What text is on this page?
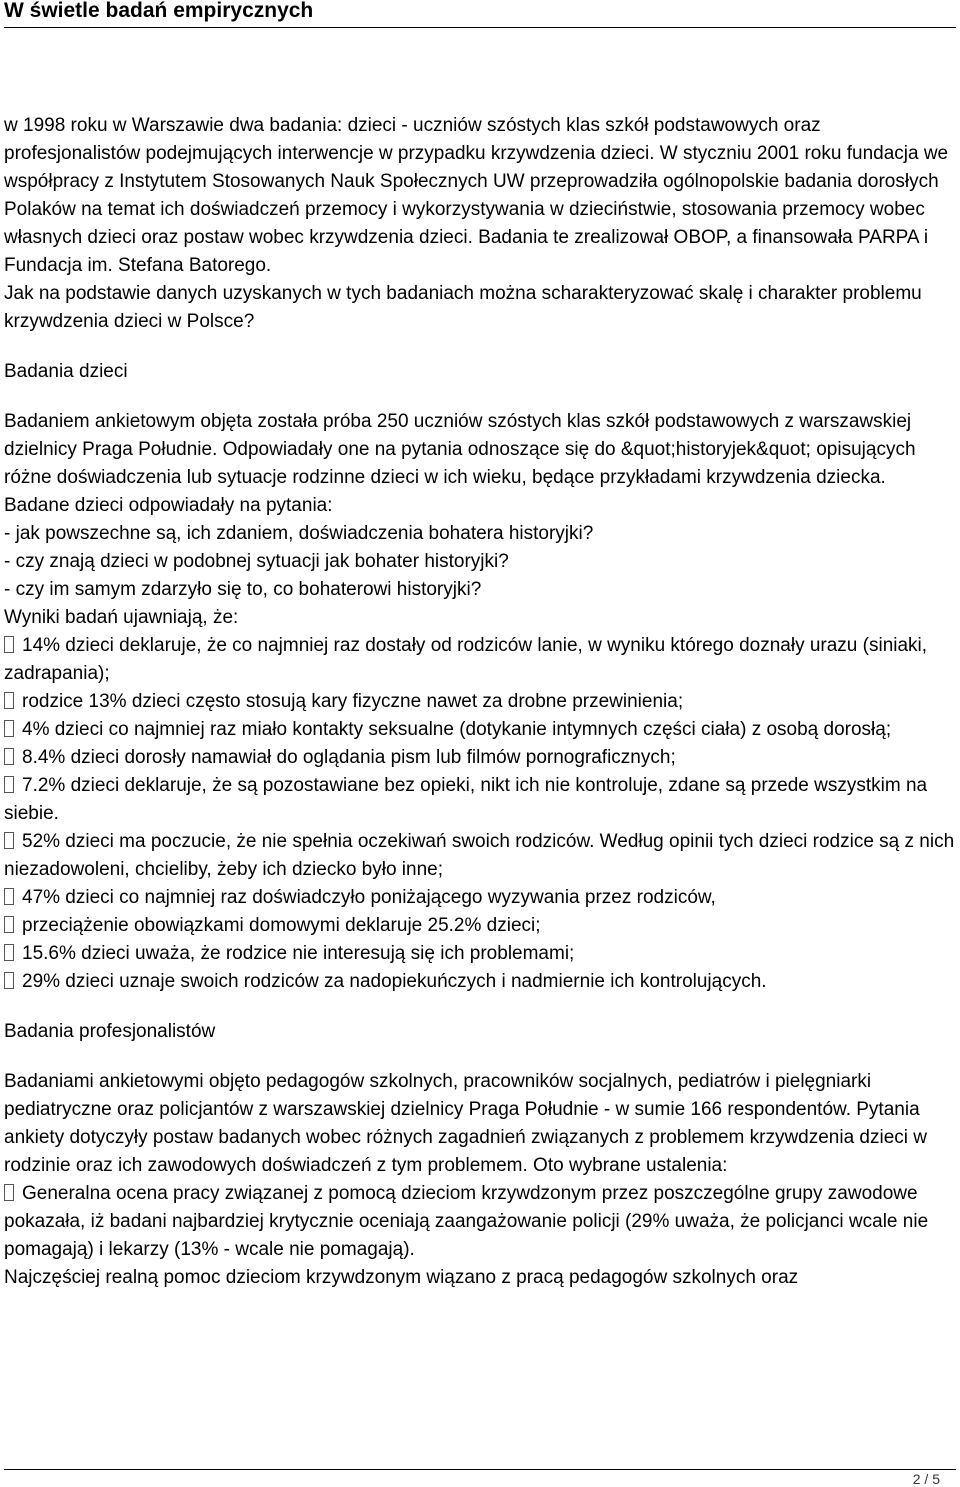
W świetle badań empirycznych

w 1998 roku w Warszawie dwa badania: dzieci - uczniów szóstych klas szkół podstawowych oraz profesjonalistów podejmujących interwencje w przypadku krzywdzenia dzieci. W styczniu 2001 roku fundacja we współpracy z Instytutem Stosowanych Nauk Społecznych UW przeprowadziła ogólnopolskie badania dorosłych Polaków na temat ich doświadczeń przemocy i wykorzystywania w dzieciństwie, stosowania przemocy wobec własnych dzieci oraz postaw wobec krzywdzenia dzieci. Badania te zrealizował OBOP, a finansowała PARPA i Fundacja im. Stefana Batorego.

Jak na podstawie danych uzyskanych w tych badaniach można scharakteryzować skalę i charakter problemu krzywdzenia dzieci w Polsce?

Badania dzieci

Badaniem ankietowym objęta została próba 250 uczniów szóstych klas szkół podstawowych z warszawskiej dzielnicy Praga Południe. Odpowiadały one na pytania odnoszące się do &quot;historyjek&quot; opisujących różne doświadczenia lub sytuacje rodzinne dzieci w ich wieku, będące przykładami krzywdzenia dziecka. Badane dzieci odpowiadały na pytania:

- jak powszechne są, ich zdaniem, doświadczenia bohatera historyjki?
- czy znają dzieci w podobnej sytuacji jak bohater historyjki?
- czy im samym zdarzyło się to, co bohaterowi historyjki?

Wyniki badań ujawniają, że:

14% dzieci deklaruje, że co najmniej raz dostały od rodziców lanie, w wyniku którego doznały urazu (siniaki, zadrapania);
rodzice 13% dzieci często stosują kary fizyczne nawet za drobne przewinienia;
4% dzieci co najmniej raz miało kontakty seksualne (dotykanie intymnych części ciała) z osobą dorosłą;
8.4% dzieci dorosły namawiał do oglądania pism lub filmów pornograficznych;
7.2% dzieci deklaruje, że są pozostawiane bez opieki, nikt ich nie kontroluje, zdane są przede wszystkim na siebie.
52% dzieci ma poczucie, że nie spełnia oczekiwań swoich rodziców. Według opinii tych dzieci rodzice są z nich niezadowoleni, chcieliby, żeby ich dziecko było inne;
47% dzieci co najmniej raz doświadczyło poniżającego wyzywania przez rodziców,
przeciążenie obowiązkami domowymi deklaruje 25.2% dzieci;
15.6% dzieci uważa, że rodzice nie interesują się ich problemami;
29% dzieci uznaje swoich rodziców za nadopiekuńczych i nadmiernie ich kontrolujących.

Badania profesjonalistów

Badaniami ankietowymi objęto pedagogów szkolnych, pracowników socjalnych, pediatrów i pielęgniarki pediatryczne oraz policjantów z warszawskiej dzielnicy Praga Południe - w sumie 166 respondentów. Pytania ankiety dotyczyły postaw badanych wobec różnych zagadnień związanych z problemem krzywdzenia dzieci w rodzinie oraz ich zawodowych doświadczeń z tym problemem. Oto wybrane ustalenia:

Generalna ocena pracy związanej z pomocą dzieciom krzywdzonym przez poszczególne grupy zawodowe pokazała, iż badani najbardziej krytycznie oceniają zaangażowanie policji (29% uważa, że policjanci wcale nie pomagają) i lekarzy (13% - wcale nie pomagają).

Najczęściej realną pomoc dzieciom krzywdzonym wiązano z pracą pedagogów szkolnych oraz

2 / 5
